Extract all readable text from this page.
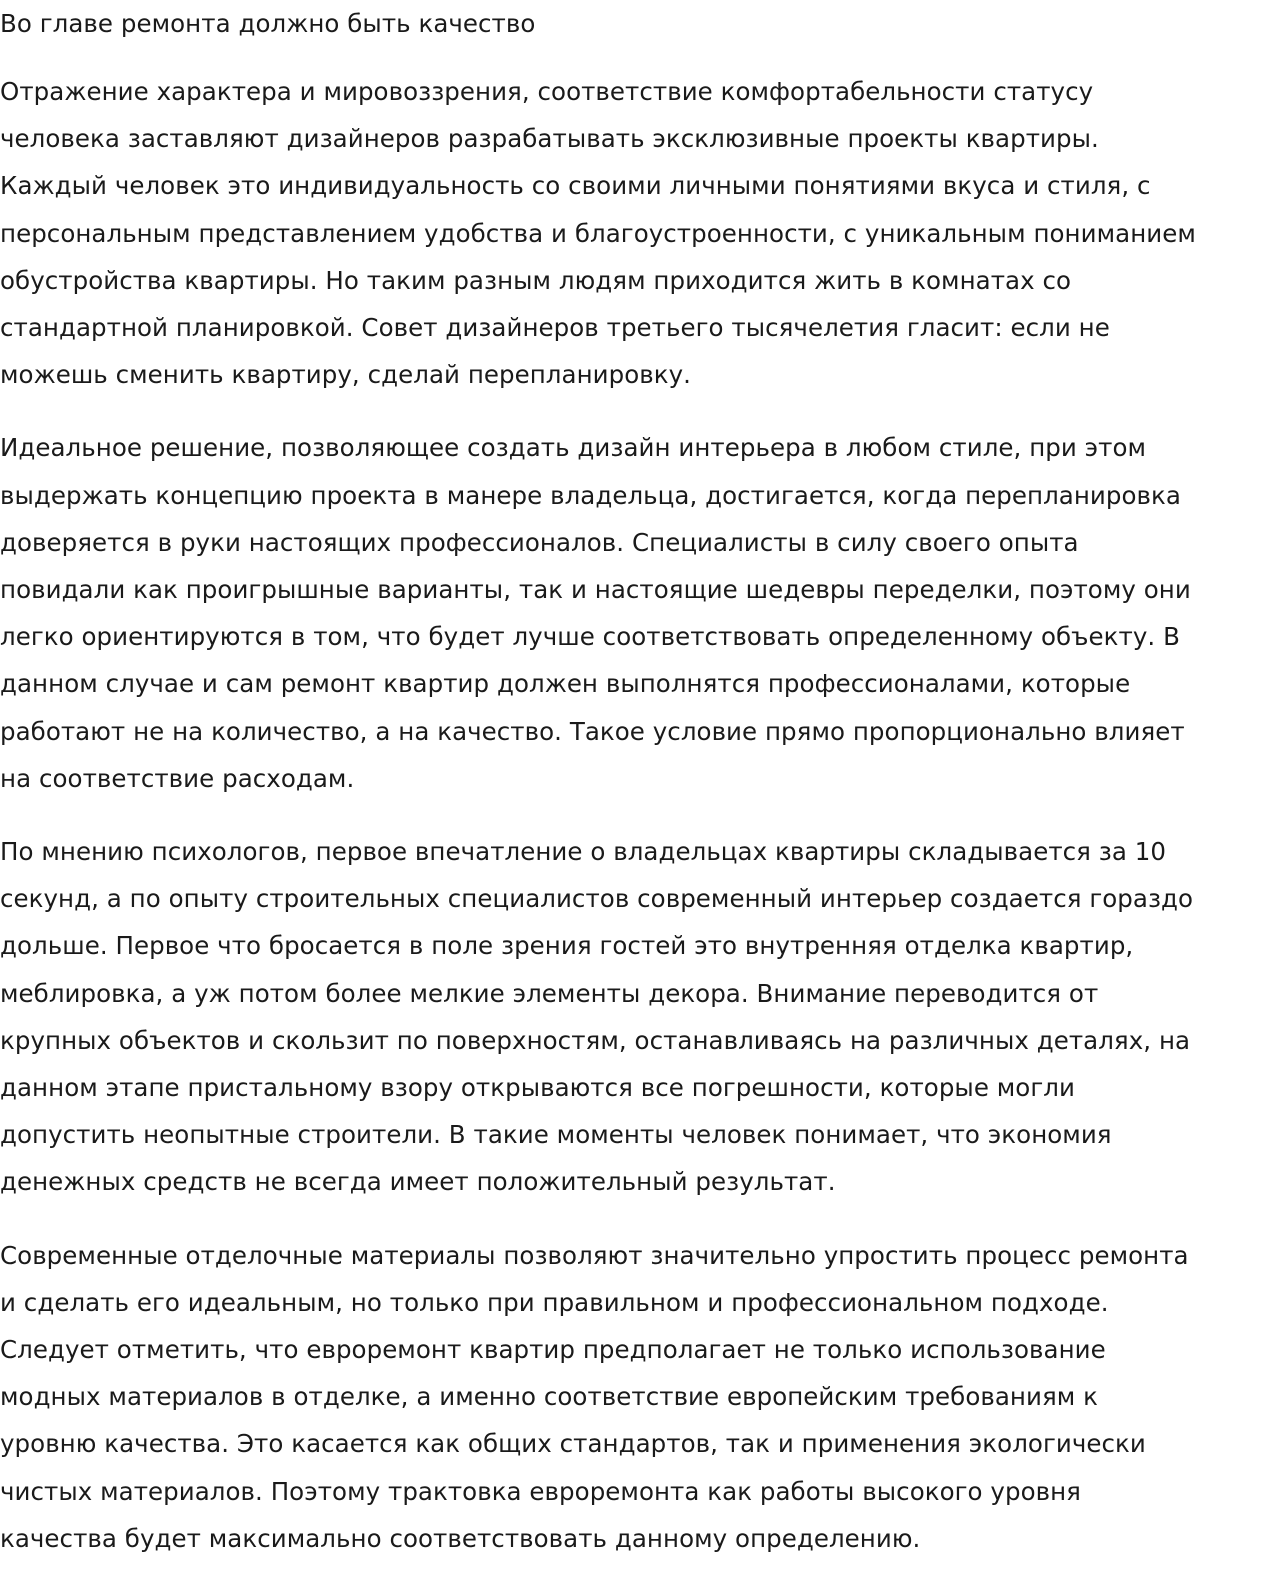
Во главе ремонта должно быть качество

Отражение характера и мировоззрения, соответствие комфортабельности статусу
человека заставляют дизайнеров разрабатывать эксклюзивные проекты квартиры.
Каждый человек это индивидуальность со своими личными понятиями вкуса и стиля, с
персональным представлением удобства и благоустроенности, с уникальным пониманием
обустройства квартиры. Но таким разным людям приходится жить в комнатах со
стандартной планировкой. Совет дизайнеров третьего тысячелетия гласит: если не
можешь сменить квартиру, сделай перепланировку.

Идеальное решение, позволяющее создать дизайн интерьера в любом стиле, при этом
выдержать концепцию проекта в манере владельца, достигается, когда перепланировка
доверяется в руки настоящих профессионалов. Специалисты в силу своего опыта
повидали как проигрышные варианты, так и настоящие шедевры переделки, поэтому они
легко ориентируются в том, что будет лучше соответствовать определенному объекту. В
данном случае и сам ремонт квартир должен выполнятся профессионалами, которые
работают не на количество, а на качество. Такое условие прямо пропорционально влияет
на соответствие расходам.

По мнению психологов, первое впечатление о владельцах квартиры складывается за 10
секунд, а по опыту строительных специалистов современный интерьер создается гораздо
дольше. Первое что бросается в поле зрения гостей это внутренняя отделка квартир,
меблировка, а уж потом более мелкие элементы декора. Внимание переводится от
крупных объектов и скользит по поверхностям, останавливаясь на различных деталях, на
данном этапе пристальному взору открываются все погрешности, которые могли
допустить неопытные строители. В такие моменты человек понимает, что экономия
денежных средств не всегда имеет положительный результат.

Современные отделочные материалы позволяют значительно упростить процесс ремонта
и сделать его идеальным, но только при правильном и профессиональном подходе.
Следует отметить, что евроремонт квартир предполагает не только использование
модных материалов в отделке, а именно соответствие европейским требованиям к
уровню качества. Это касается как общих стандартов, так и применения экологически
чистых материалов. Поэтому трактовка евроремонта как работы высокого уровня
качества будет максимально соответствовать данному определению.
